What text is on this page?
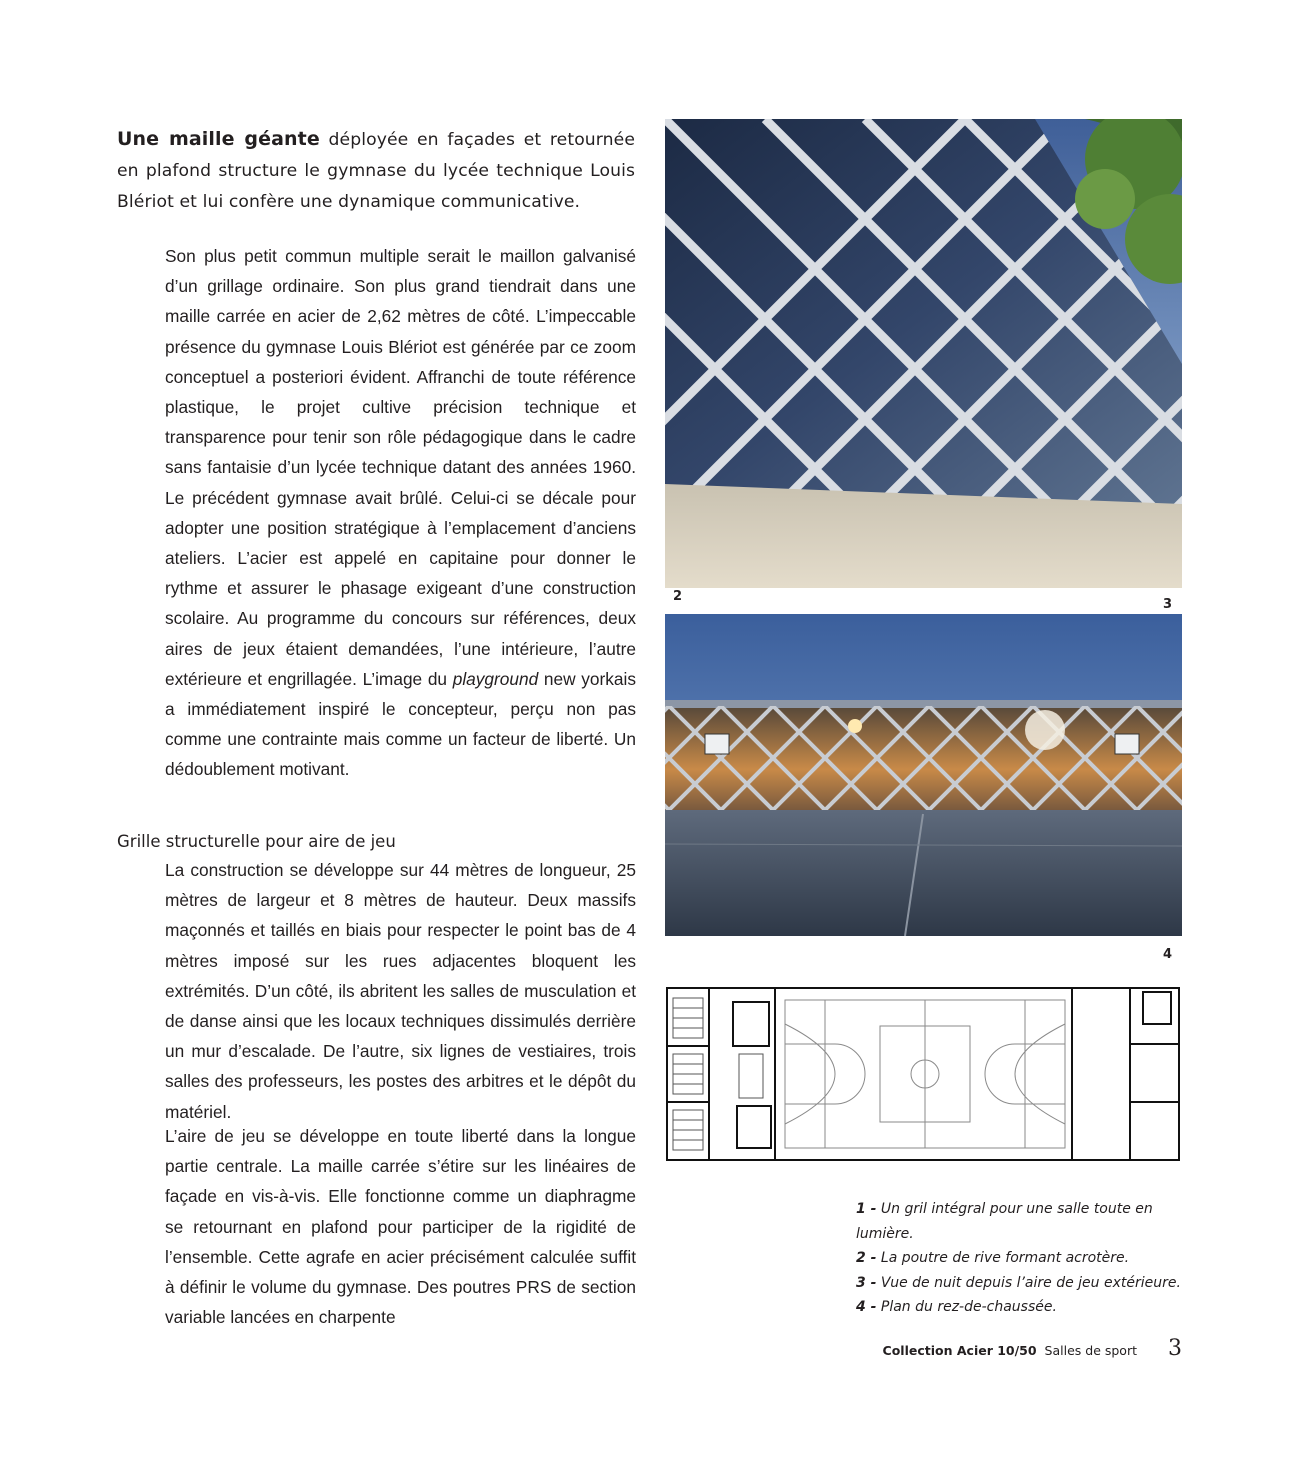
Une maille géante déployée en façades et retournée en plafond structure le gymnase du lycée technique Louis Blériot et lui confère une dynamique communicative.

Son plus petit commun multiple serait le maillon galvanisé d’un grillage ordinaire. Son plus grand tiendrait dans une maille carrée en acier de 2,62 mètres de côté. L’impeccable présence du gymnase Louis Blériot est générée par ce zoom conceptuel a posteriori évident. Affranchi de toute référence plastique, le projet cultive précision technique et transparence pour tenir son rôle pédagogique dans le cadre sans fantaisie d’un lycée technique datant des années 1960. Le précédent gymnase avait brûlé. Celui-ci se décale pour adopter une position stratégique à l’emplacement d’anciens ateliers. L’acier est appelé en capitaine pour donner le rythme et assurer le phasage exigeant d’une construction scolaire. Au programme du concours sur références, deux aires de jeux étaient demandées, l’une intérieure, l’autre extérieure et engrillagée. L’image du playground new yorkais a immédiatement inspiré le concepteur, perçu non pas comme une contrainte mais comme un facteur de liberté. Un dédoublement motivant.

Grille structurelle pour aire de jeu

La construction se développe sur 44 mètres de longueur, 25 mètres de largeur et 8 mètres de hauteur. Deux massifs maçonnés et taillés en biais pour respecter le point bas de 4 mètres imposé sur les rues adjacentes bloquent les extrémités. D’un côté, ils abritent les salles de musculation et de danse ainsi que les locaux techniques dissimulés derrière un mur d’escalade. De l’autre, six lignes de vestiaires, trois salles des professeurs, les postes des arbitres et le dépôt du matériel.

L’aire de jeu se développe en toute liberté dans la longue partie centrale. La maille carrée s’étire sur les linéaires de façade en vis-à-vis. Elle fonctionne comme un diaphragme se retournant en plafond pour participer de la rigidité de l’ensemble. Cette agrafe en acier précisément calculée suffit à définir le volume du gymnase. Des poutres PRS de section variable lancées en charpente

2
3
4
1 - Un gril intégral pour une salle toute en lumière.
2 - La poutre de rive formant acrotère.
3 - Vue de nuit depuis l’aire de jeu extérieure.
4 - Plan du rez-de-chaussée.
Collection Acier 10/50 Salles de sport 3
